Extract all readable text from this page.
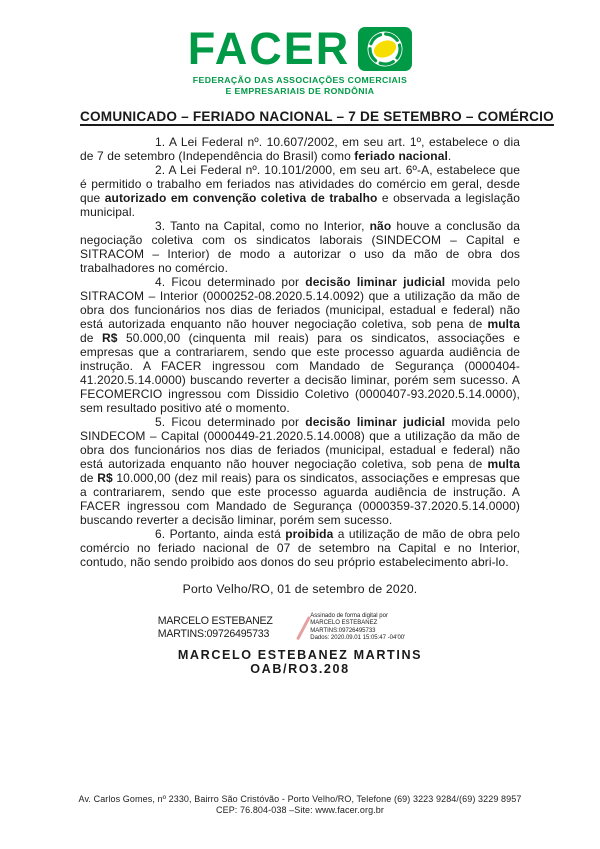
FACER
FEDERAÇÃO DAS ASSOCIAÇÕES COMERCIAIS
E EMPRESARIAIS DE RONDÔNIA
COMUNICADO – FERIADO NACIONAL – 7 DE SETEMBRO – COMÉRCIO

1. A Lei Federal nº. 10.607/2002, em seu art. 1º, estabelece o dia de 7 de setembro (Independência do Brasil) como feriado nacional.

2. A Lei Federal nº. 10.101/2000, em seu art. 6º-A, estabelece que é permitido o trabalho em feriados nas atividades do comércio em geral, desde que autorizado em convenção coletiva de trabalho e observada a legislação municipal.

3. Tanto na Capital, como no Interior, não houve a conclusão da negociação coletiva com os sindicatos laborais (SINDECOM – Capital e SITRACOM – Interior) de modo a autorizar o uso da mão de obra dos trabalhadores no comércio.

4. Ficou determinado por decisão liminar judicial movida pelo SITRACOM – Interior (0000252-08.2020.5.14.0092) que a utilização da mão de obra dos funcionários nos dias de feriados (municipal, estadual e federal) não está autorizada enquanto não houver negociação coletiva, sob pena de multa de R$ 50.000,00 (cinquenta mil reais) para os sindicatos, associações e empresas que a contrariarem, sendo que este processo aguarda audiência de instrução. A FACER ingressou com Mandado de Segurança (0000404-41.2020.5.14.0000) buscando reverter a decisão liminar, porém sem sucesso. A FECOMERCIO ingressou com Dissidio Coletivo (0000407-93.2020.5.14.0000), sem resultado positivo até o momento.

5. Ficou determinado por decisão liminar judicial movida pelo SINDECOM – Capital (0000449-21.2020.5.14.0008) que a utilização da mão de obra dos funcionários nos dias de feriados (municipal, estadual e federal) não está autorizada enquanto não houver negociação coletiva, sob pena de multa de R$ 10.000,00 (dez mil reais) para os sindicatos, associações e empresas que a contrariarem, sendo que este processo aguarda audiência de instrução. A FACER ingressou com Mandado de Segurança (0000359-37.2020.5.14.0000) buscando reverter a decisão liminar, porém sem sucesso.

6. Portanto, ainda está proibida a utilização de mão de obra pelo comércio no feriado nacional de 07 de setembro na Capital e no Interior, contudo, não sendo proibido aos donos do seu próprio estabelecimento abri-lo.

Porto Velho/RO, 01 de setembro de 2020.
MARCELO ESTEBANEZ MARTINS:09726495733
Assinado de forma digital por
MARCELO ESTEBANEZ
MARTINS:09726495733
Dados: 2020.09.01 15:05:47 -04'00'
MARCELO ESTEBANEZ MARTINS
OAB/RO3.208
Av. Carlos Gomes, nº 2330, Bairro São Cristóvão - Porto Velho/RO, Telefone (69) 3223 9284/(69) 3229 8957
CEP: 76.804-038 –Site: www.facer.org.br
